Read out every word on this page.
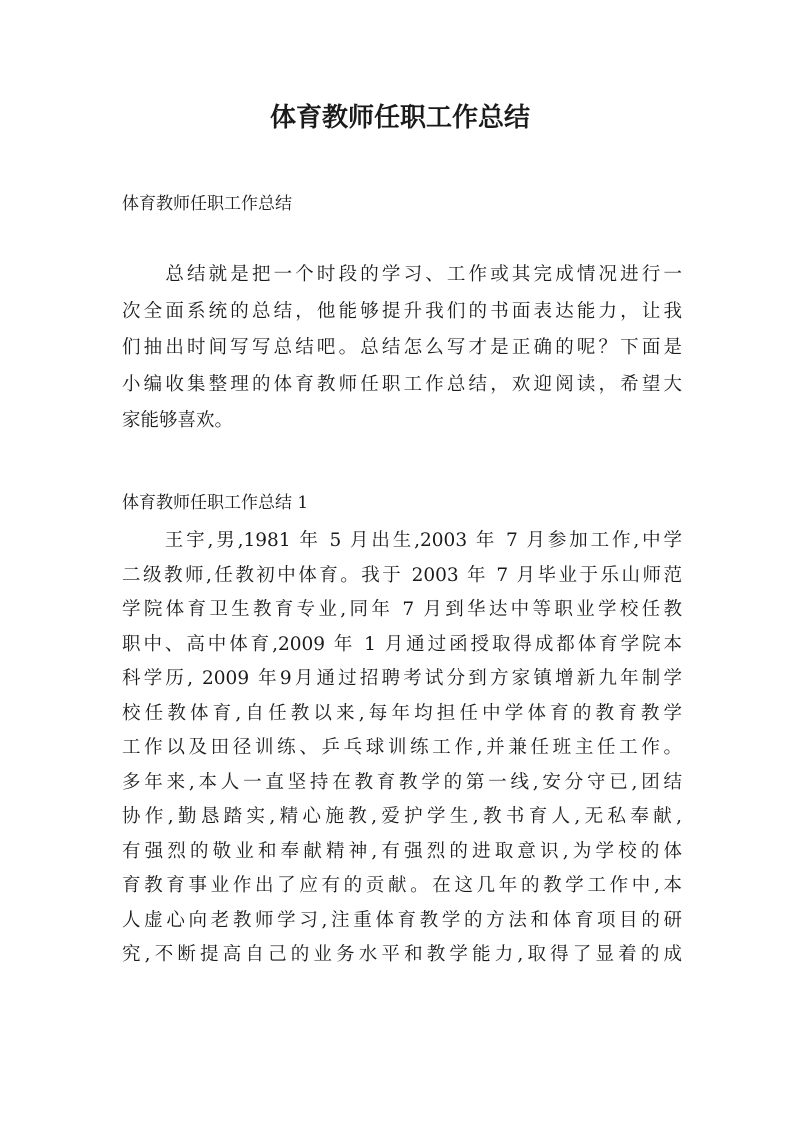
体育教师任职工作总结

体育教师任职工作总结

　　总结就是把一个时段的学习、工作或其完成情况进行一
次全面系统的总结，他能够提升我们的书面表达能力，让我
们抽出时间写写总结吧。总结怎么写才是正确的呢？下面是
小编收集整理的体育教师任职工作总结，欢迎阅读，希望大
家能够喜欢。

体育教师任职工作总结 1

　　王宇,男,1981 年 5 月出生,2003 年 7 月参加工作,中学
二级教师,任教初中体育。我于 2003 年 7 月毕业于乐山师范
学院体育卫生教育专业,同年 7 月到华达中等职业学校任教
职中、高中体育,2009 年 1 月通过函授取得成都体育学院本
科学历, 2009 年9月通过招聘考试分到方家镇增新九年制学
校任教体育,自任教以来,每年均担任中学体育的教育教学
工作以及田径训练、乒乓球训练工作,并兼任班主任工作。
多年来,本人一直坚持在教育教学的第一线,安分守已,团结
协作,勤恳踏实,精心施教,爱护学生,教书育人,无私奉献,
有强烈的敬业和奉献精神,有强烈的进取意识,为学校的体
育教育事业作出了应有的贡献。在这几年的教学工作中,本
人虚心向老教师学习,注重体育教学的方法和体育项目的研
究,不断提高自己的业务水平和教学能力,取得了显着的成
